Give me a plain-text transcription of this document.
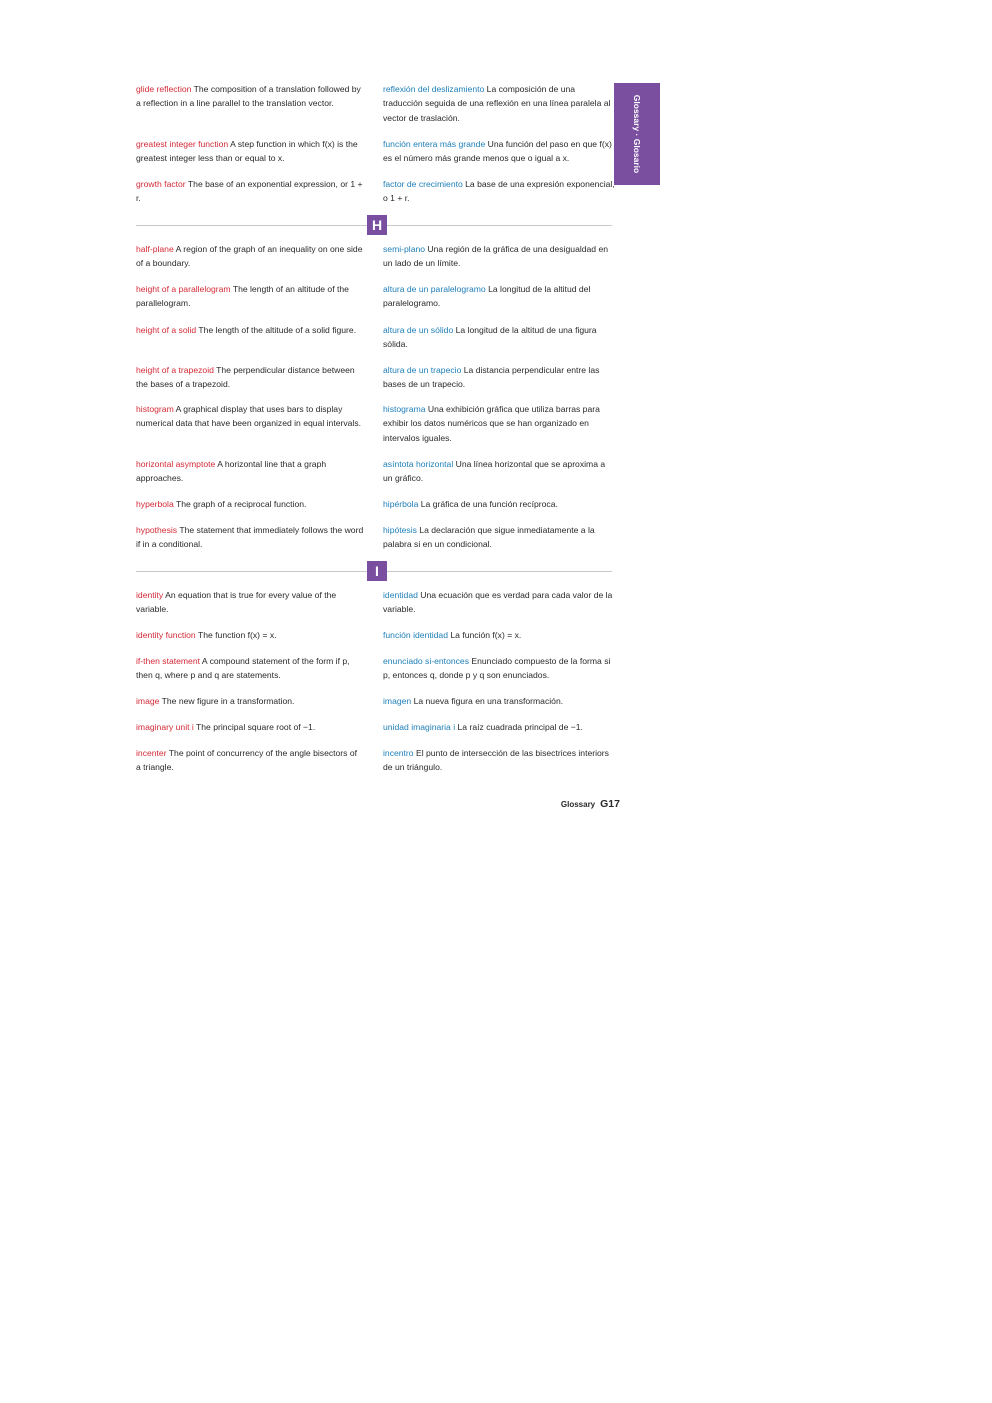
Glossary · Glosario
glide reflection The composition of a translation followed by a reflection in a line parallel to the translation vector.
reflexión del deslizamiento La composición de una traducción seguida de una reflexión en una línea paralela al vector de traslación.
greatest integer function A step function in which f(x) is the greatest integer less than or equal to x.
función entera más grande Una función del paso en que f(x) es el número más grande menos que o igual a x.
growth factor The base of an exponential expression, or 1 + r.
factor de crecimiento La base de una expresión exponencial, o 1 + r.
H
half-plane A region of the graph of an inequality on one side of a boundary.
semi-plano Una región de la gráfica de una desigualdad en un lado de un límite.
height of a parallelogram The length of an altitude of the parallelogram.
altura de un paralelogramo La longitud de la altitud del paralelogramo.
height of a solid The length of the altitude of a solid figure.	altura de un sólido La longitud de la altitud de una figura sólida.
height of a trapezoid The perpendicular distance between the bases of a trapezoid.
altura de un trapecio La distancia perpendicular entre las bases de un trapecio.
histogram A graphical display that uses bars to display numerical data that have been organized in equal intervals.
histograma Una exhibición gráfica que utiliza barras para exhibir los datos numéricos que se han organizado en intervalos iguales.
horizontal asymptote A horizontal line that a graph approaches.
asíntota horizontal Una línea horizontal que se aproxima a un gráfico.
hyperbola The graph of a reciprocal function.	hipérbola La gráfica de una función recíproca.
hypothesis The statement that immediately follows the word if in a conditional.
hipótesis La declaración que sigue inmediatamente a la palabra si en un condicional.
I
identity An equation that is true for every value of the variable.
identidad Una ecuación que es verdad para cada valor de la variable.
identity function The function f(x) = x.	función identidad La función f(x) = x.
if-then statement A compound statement of the form if p, then q, where p and q are statements.
enunciado si-entonces Enunciado compuesto de la forma si p, entonces q, donde p y q son enunciados.
image The new figure in a transformation.	imagen La nueva figura en una transformación.
imaginary unit i The principal square root of −1.	unidad imaginaria i La raíz cuadrada principal de −1.
incenter The point of concurrency of the angle bisectors of a triangle.
incentro El punto de intersección de las bisectrices interiors de un triángulo.
Glossary G17
